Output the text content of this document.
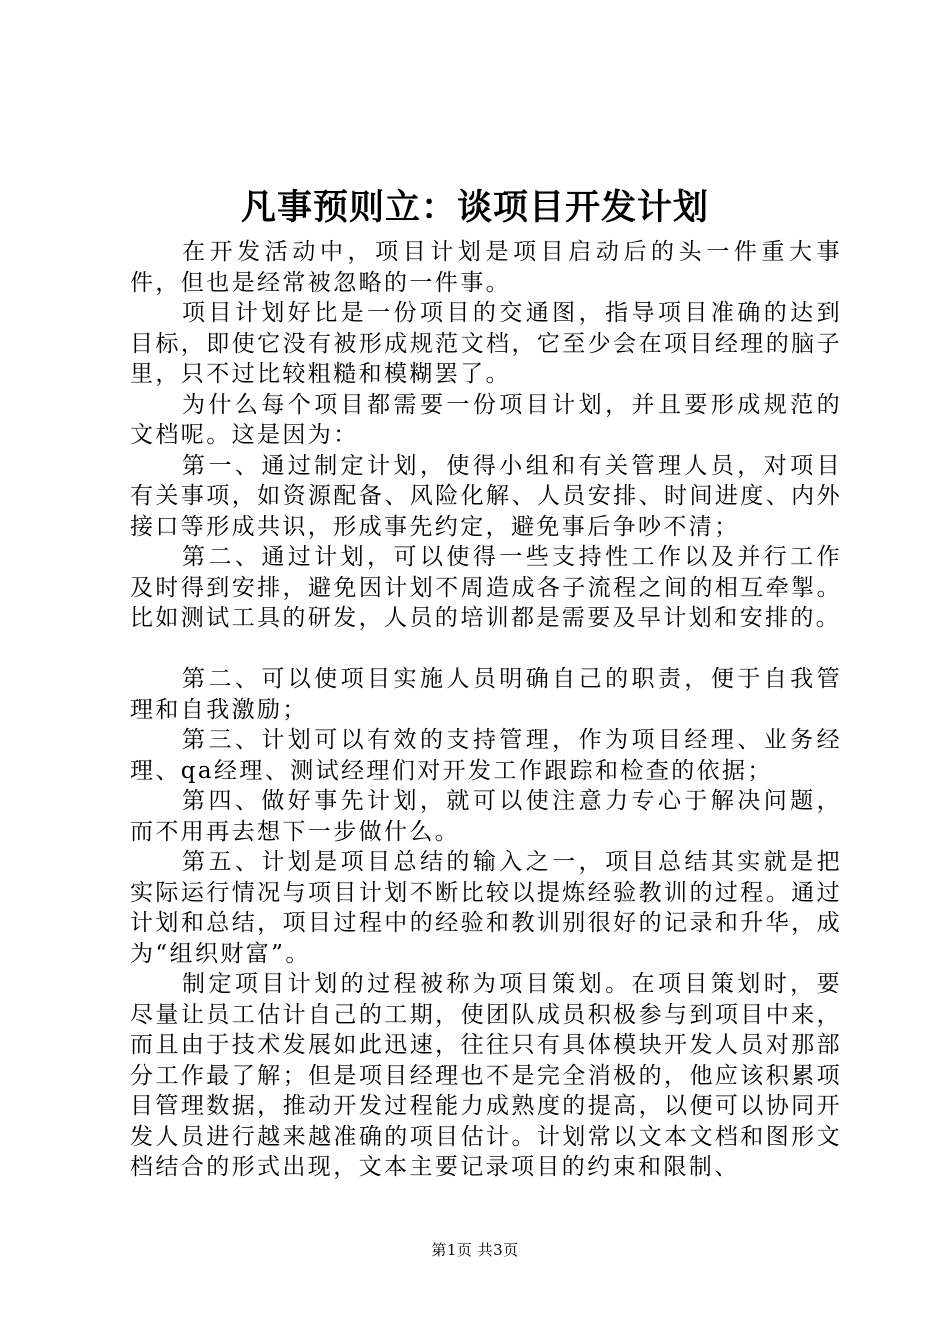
凡事预则立：谈项目开发计划

在开发活动中，项目计划是项目启动后的头一件重大事件，但也是经常被忽略的一件事。

项目计划好比是一份项目的交通图，指导项目准确的达到目标，即使它没有被形成规范文档，它至少会在项目经理的脑子里，只不过比较粗糙和模糊罢了。

为什么每个项目都需要一份项目计划，并且要形成规范的文档呢。这是因为：

第一、通过制定计划，使得小组和有关管理人员，对项目有关事项，如资源配备、风险化解、人员安排、时间进度、内外接口等形成共识，形成事先约定，避免事后争吵不清；

第二、通过计划，可以使得一些支持性工作以及并行工作及时得到安排，避免因计划不周造成各子流程之间的相互牵掣。比如测试工具的研发，人员的培训都是需要及早计划和安排的。

第二、可以使项目实施人员明确自己的职责，便于自我管理和自我激励；

第三、计划可以有效的支持管理，作为项目经理、业务经理、qa经理、测试经理们对开发工作跟踪和检查的依据；

第四、做好事先计划，就可以使注意力专心于解决问题，而不用再去想下一步做什么。

第五、计划是项目总结的输入之一，项目总结其实就是把实际运行情况与项目计划不断比较以提炼经验教训的过程。通过计划和总结，项目过程中的经验和教训别很好的记录和升华，成为“组织财富”。

制定项目计划的过程被称为项目策划。在项目策划时，要尽量让员工估计自己的工期，使团队成员积极参与到项目中来，而且由于技术发展如此迅速，往往只有具体模块开发人员对那部分工作最了解；但是项目经理也不是完全消极的，他应该积累项目管理数据，推动开发过程能力成熟度的提高，以便可以协同开发人员进行越来越准确的项目估计。计划常以文本文档和图形文档结合的形式出现，文本主要记录项目的约束和限制、

第1页 共3页
